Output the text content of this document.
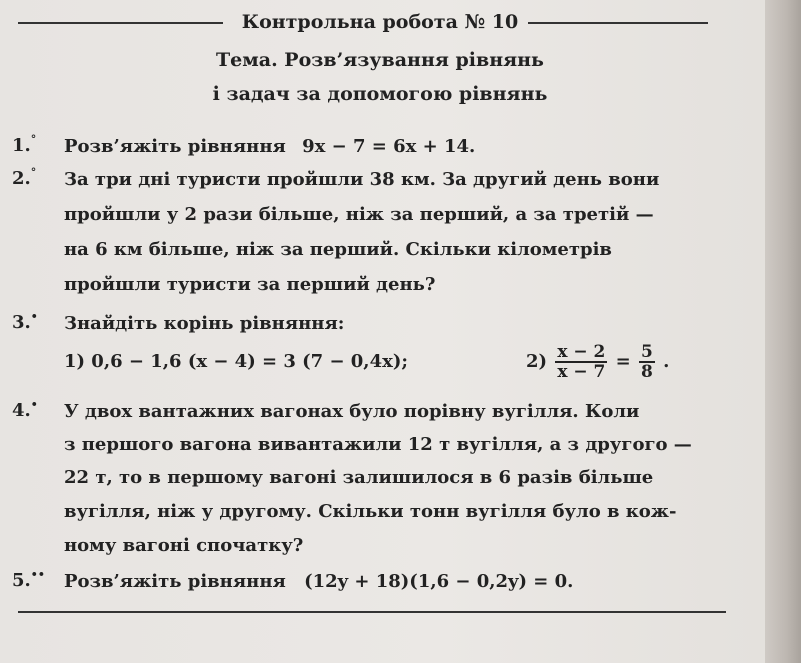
Контрольна робота № 10
Тема. Розв’язування рівнянь
і задач за допомогою рівнянь
1.° Розв’яжіть рівняння 9x − 7 = 6x + 14.
2.° За три дні туристи пройшли 38 км. За другий день вони
пройшли у 2 рази більше, ніж за перший, а за третій —
на 6 км більше, ніж за перший. Скільки кілометрів
пройшли туристи за перший день?
3.• Знайдіть корінь рівняння:
1) 0,6 − 1,6 (x − 4) = 3 (7 − 0,4x);	$2) \frac{x - 2}{x - 7} = \frac{5}{8}$ .
4.• У двох вантажних вагонах було порівну вугілля. Коли
з першого вагона вивантажили 12 т вугілля, а з другого —
22 т, то в першому вагоні залишилося в 6 разів більше
вугілля, ніж у другому. Скільки тонн вугілля було в кож-
ному вагоні спочатку?
5.•• Розв’яжіть рівняння (12y + 18)(1,6 − 0,2y) = 0.
